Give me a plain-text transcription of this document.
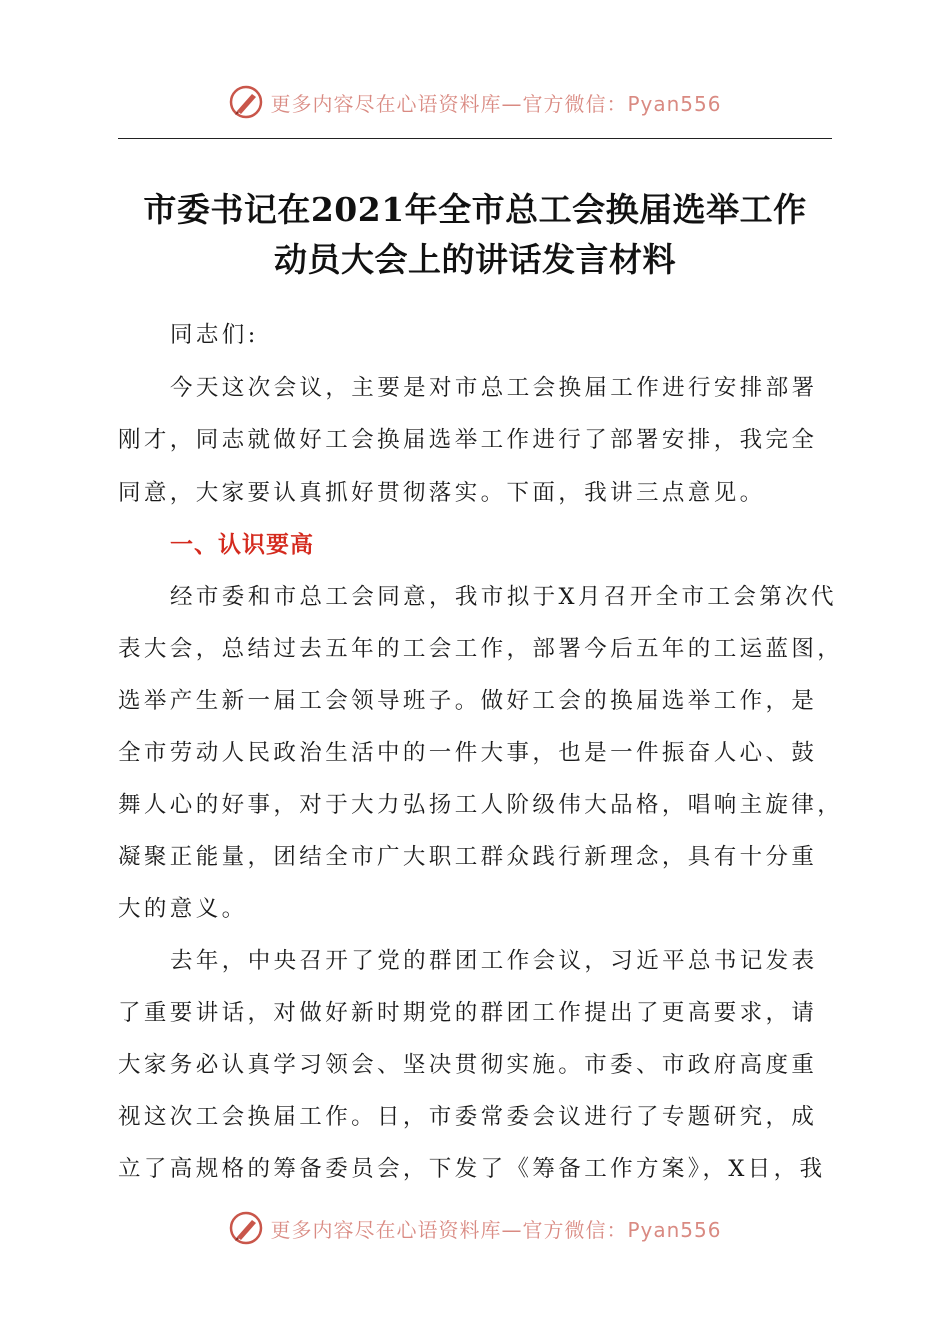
更多内容尽在心语资料库—官方微信：Pyan556
市委书记在2021年全市总工会换届选举工作
动员大会上的讲话发言材料
同志们:
今天这次会议，主要是对市总工会换届工作进行安排部署
刚才，同志就做好工会换届选举工作进行了部署安排，我完全
同意，大家要认真抓好贯彻落实。下面，我讲三点意见。
一、认识要高
经市委和市总工会同意，我市拟于X月召开全市工会第次代
表大会，总结过去五年的工会工作，部署今后五年的工运蓝图，
选举产生新一届工会领导班子。做好工会的换届选举工作，是
全市劳动人民政治生活中的一件大事，也是一件振奋人心、鼓
舞人心的好事，对于大力弘扬工人阶级伟大品格，唱响主旋律，
凝聚正能量，团结全市广大职工群众践行新理念，具有十分重
大的意义。
去年，中央召开了党的群团工作会议，习近平总书记发表
了重要讲话，对做好新时期党的群团工作提出了更高要求，请
大家务必认真学习领会、坚决贯彻实施。市委、市政府高度重
视这次工会换届工作。日，市委常委会议进行了专题研究，成
立了高规格的筹备委员会，下发了《筹备工作方案》，X日，我
更多内容尽在心语资料库—官方微信：Pyan556
